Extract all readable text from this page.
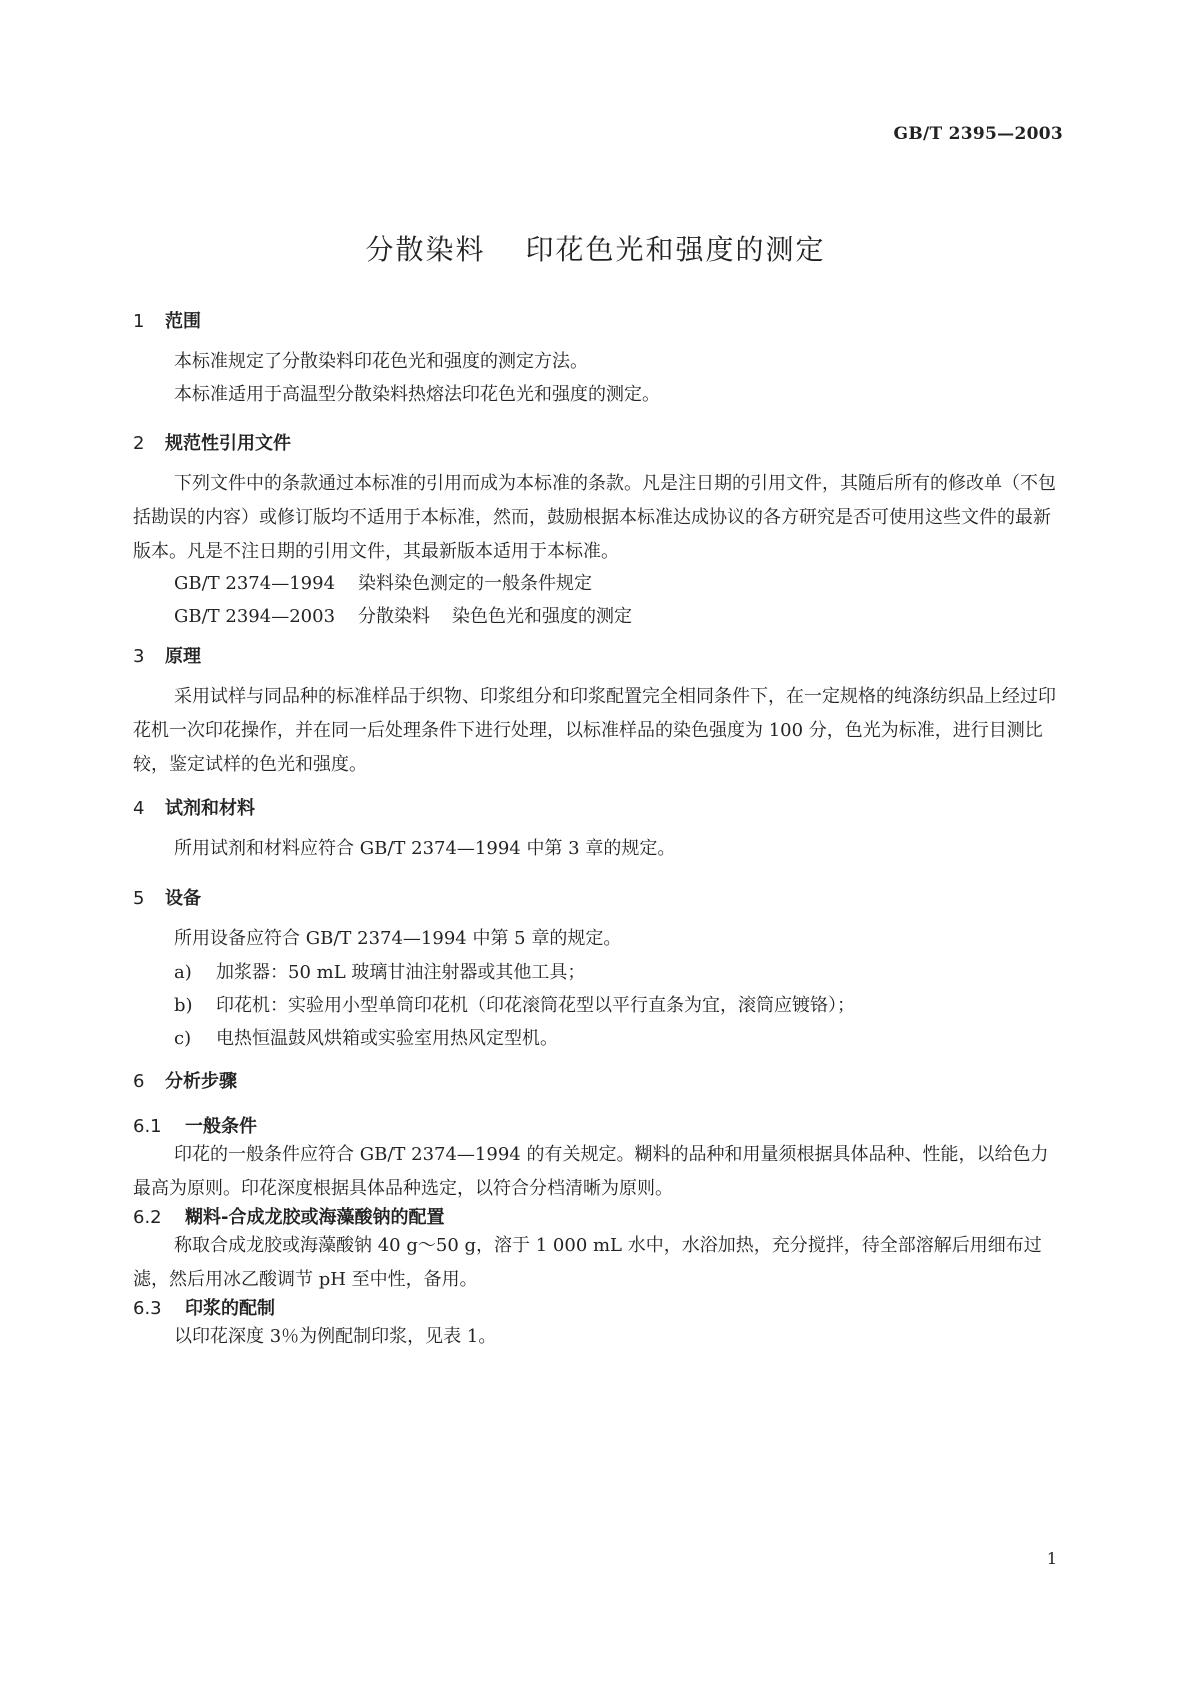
GB/T 2395—2003
分散染料 印花色光和强度的测定
1 范围
本标准规定了分散染料印花色光和强度的测定方法。
本标准适用于高温型分散染料热熔法印花色光和强度的测定。
2 规范性引用文件
下列文件中的条款通过本标准的引用而成为本标准的条款。凡是注日期的引用文件，其随后所有的修改单（不包括勘误的内容）或修订版均不适用于本标准，然而，鼓励根据本标准达成协议的各方研究是否可使用这些文件的最新版本。凡是不注日期的引用文件，其最新版本适用于本标准。
GB/T 2374—1994 染料染色测定的一般条件规定
GB/T 2394—2003 分散染料 染色色光和强度的测定
3 原理
采用试样与同品种的标准样品于织物、印浆组分和印浆配置完全相同条件下，在一定规格的纯涤纺织品上经过印花机一次印花操作，并在同一后处理条件下进行处理，以标准样品的染色强度为 100 分，色光为标准，进行目测比较，鉴定试样的色光和强度。
4 试剂和材料
所用试剂和材料应符合 GB/T 2374—1994 中第 3 章的规定。
5 设备
所用设备应符合 GB/T 2374—1994 中第 5 章的规定。
a) 加浆器：50 mL 玻璃甘油注射器或其他工具；
b) 印花机：实验用小型单筒印花机（印花滚筒花型以平行直条为宜，滚筒应镀铬）；
c) 电热恒温鼓风烘箱或实验室用热风定型机。
6 分析步骤
6.1 一般条件
印花的一般条件应符合 GB/T 2374—1994 的有关规定。糊料的品种和用量须根据具体品种、性能，以给色力最高为原则。印花深度根据具体品种选定，以符合分档清晰为原则。
6.2 糊料-合成龙胶或海藻酸钠的配置
称取合成龙胶或海藻酸钠 40 g～50 g，溶于 1 000 mL 水中，水浴加热，充分搅拌，待全部溶解后用细布过滤，然后用冰乙酸调节 pH 至中性，备用。
6.3 印浆的配制
以印花深度 3％为例配制印浆，见表 1。
1
